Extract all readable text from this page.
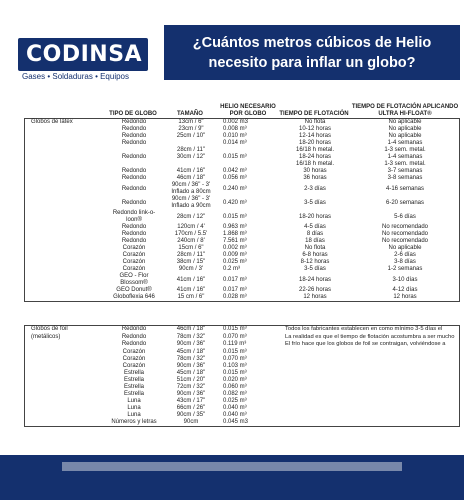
CODINSA
Gases • Soldaduras • Equipos
¿Cuántos metros cúbicos de Helio
necesito para inflar un globo?
	TIPO DE GLOBO	TAMAÑO	HELIO NECESARIO POR GLOBO	TIEMPO DE FLOTACIÓN	TIEMPO DE FLOTACIÓN APLICANDO ULTRA HI-FLOAT®
Globos de látex	Redondo	13cm / 6"	0.002 m3	No flota	No aplicable
	Redondo	23cm / 9"	0.008 m³	10-12 horas	No aplicable
	Redondo	25cm / 10"	0.010 m³	12-14 horas	No aplicable
	Redondo		0.014 m³	18-20 horas	1-4 semanas
		28cm / 11"		16/18 h metal.	1-3 sem. metal.
	Redondo	30cm / 12"	0.015 m³	18-24 horas	1-4 semanas
				16/18 h metal.	1-3 sem. metal.
	Redondo	41cm / 16"	0.042 m³	30 horas	3-7 semanas
	Redondo	46cm / 18"	0.056 m³	36 horas	3-8 semanas
	Redondo	90cm / 36" - 3' Inflado a 80cm	0.240 m³	2-3 días	4-16 semanas
	Redondo	90cm / 36" - 3' Inflado a 90cm	0.420 m³	3-5 días	6-20 semanas
	Redondo link-o-loon®	28cm / 12"	0.015 m³	18-20 horas	5-6 días
	Redondo	120cm / 4'	0.963 m³	4-5 días	No recomendado
	Redondo	170cm / 5.5'	1.868 m³	8 días	No recomendado
	Redondo	240cm / 8'	7.561 m³	18 días	No recomendado
	Corazón	15cm / 6"	0.002 m³	No flota	No aplicable
	Corazón	28cm / 11"	0.009 m³	6-8 horas	2-6 días
	Corazón	38cm / 15"	0.025 m³	8-12 horas	3-8 días
	Corazón	90cm / 3'	0.2 m³	3-5 días	1-2 semanas
	GEO - Flor Blossom®	41cm / 16"	0.017 m³	18-24 horas	3-10 días
	GEO Donut®	41cm / 16"	0.017 m³	22-26 horas	4-12 días
	Globoflexia 646	15 cm / 6"	0.028 m³	12 horas	12 horas
Globos de foil	Redondo	46cm / 18"	0.015 m³	Todos los fabricantes establecen en como mínimo 3-5 días el
(metálicos)	Redondo	78cm / 32"	0.070 m³	La realidad es que el tiempo de flotación acostumbra a ser mucho
	Redondo	90cm / 36"	0.119 m³	El frío hace que los globos de foil se contraigan, volviéndose a
	Corazón	45cm / 18"	0.015 m³	
	Corazón	78cm / 32"	0.070 m³	
	Corazón	90cm / 36"	0.103 m³	
	Estrella	45cm / 18"	0.015 m³	
	Estrella	51cm / 20"	0.020 m³	
	Estrella	72cm / 32"	0.060 m³	
	Estrella	90cm / 36"	0.082 m³	
	Luna	43cm / 17"	0.025 m³	
	Luna	66cm / 26"	0.040 m³	
	Luna	90cm / 35"	0.040 m³	
	Números y letras	90cm	0.045 m3	
